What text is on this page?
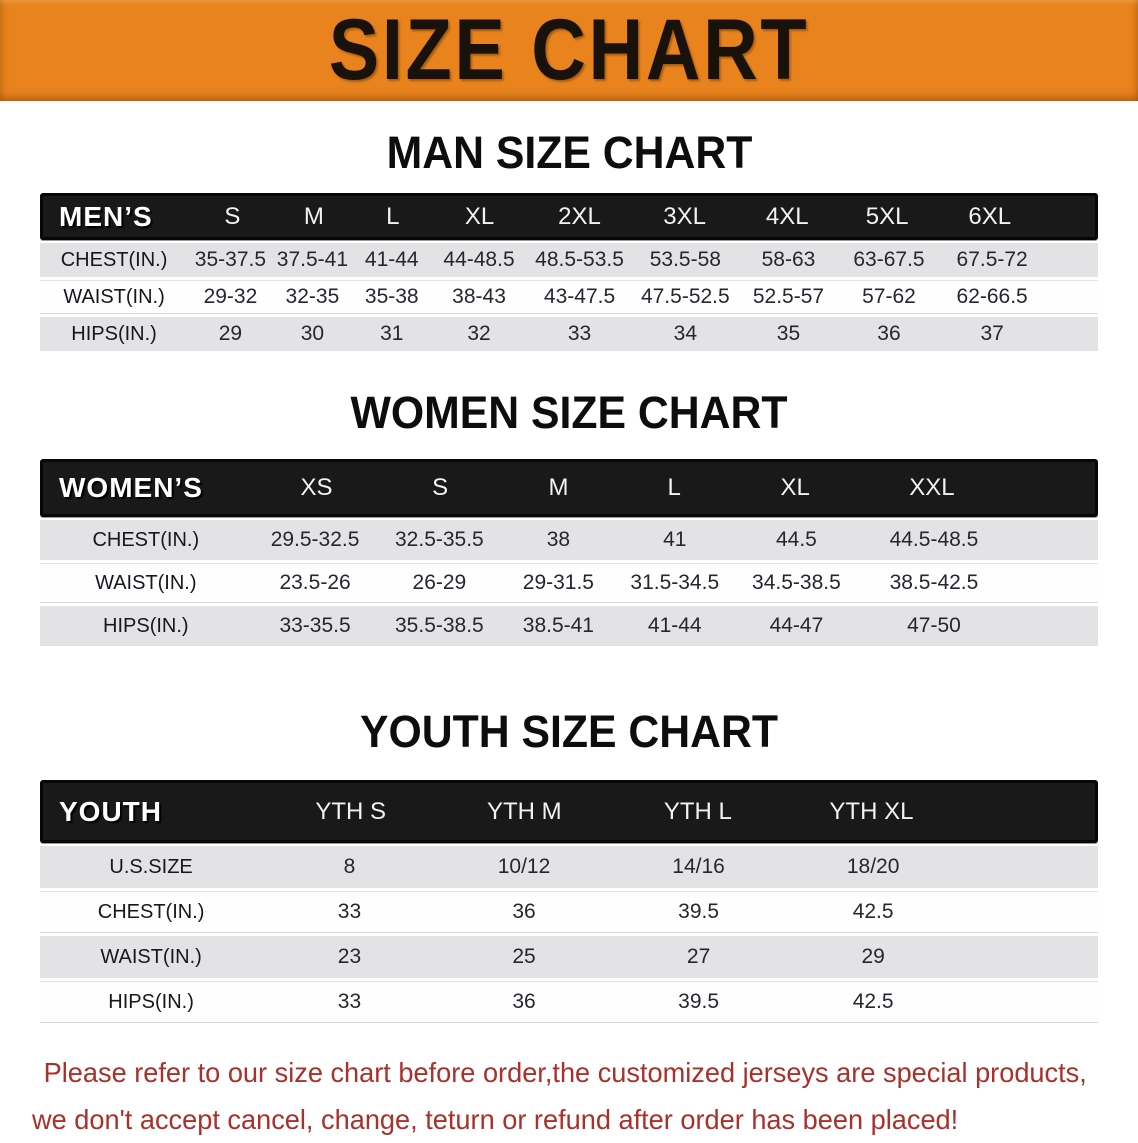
SIZE CHART
MAN SIZE CHART
MEN’S	S	M	L	XL	2XL	3XL	4XL	5XL	6XL
CHEST(IN.)	35-37.5 37.5-41 41-44	44-48.5 48.5-53.5	53.5-58	58-63	63-67.5	67.5-72
WAIST(IN.)	29-32	32-35	35-38	38-43	43-47.5	47.5-52.5	52.5-57	57-62	62-66.5
HIPS(IN.)	29	30	31	32	33	34	35	36	37
WOMEN SIZE CHART
WOMEN’S	XS	S	M	L	XL	XXL
CHEST(IN.)	29.5-32.5	32.5-35.5	38	41	44.5	44.5-48.5
WAIST(IN.)	23.5-26	26-29	29-31.5	31.5-34.5	34.5-38.5	38.5-42.5
HIPS(IN.)	33-35.5	35.5-38.5	38.5-41	41-44	44-47	47-50
YOUTH SIZE CHART
YOUTH	YTH S	YTH M	YTH L	YTH XL
U.S.SIZE	8	10/12	14/16	18/20
CHEST(IN.)	33	36	39.5	42.5
WAIST(IN.)	23	25	27	29
HIPS(IN.)	33	36	39.5	42.5
Please refer to our size chart before order,the customized jerseys are special products,
we don't accept cancel, change, teturn or refund after order has been placed!
